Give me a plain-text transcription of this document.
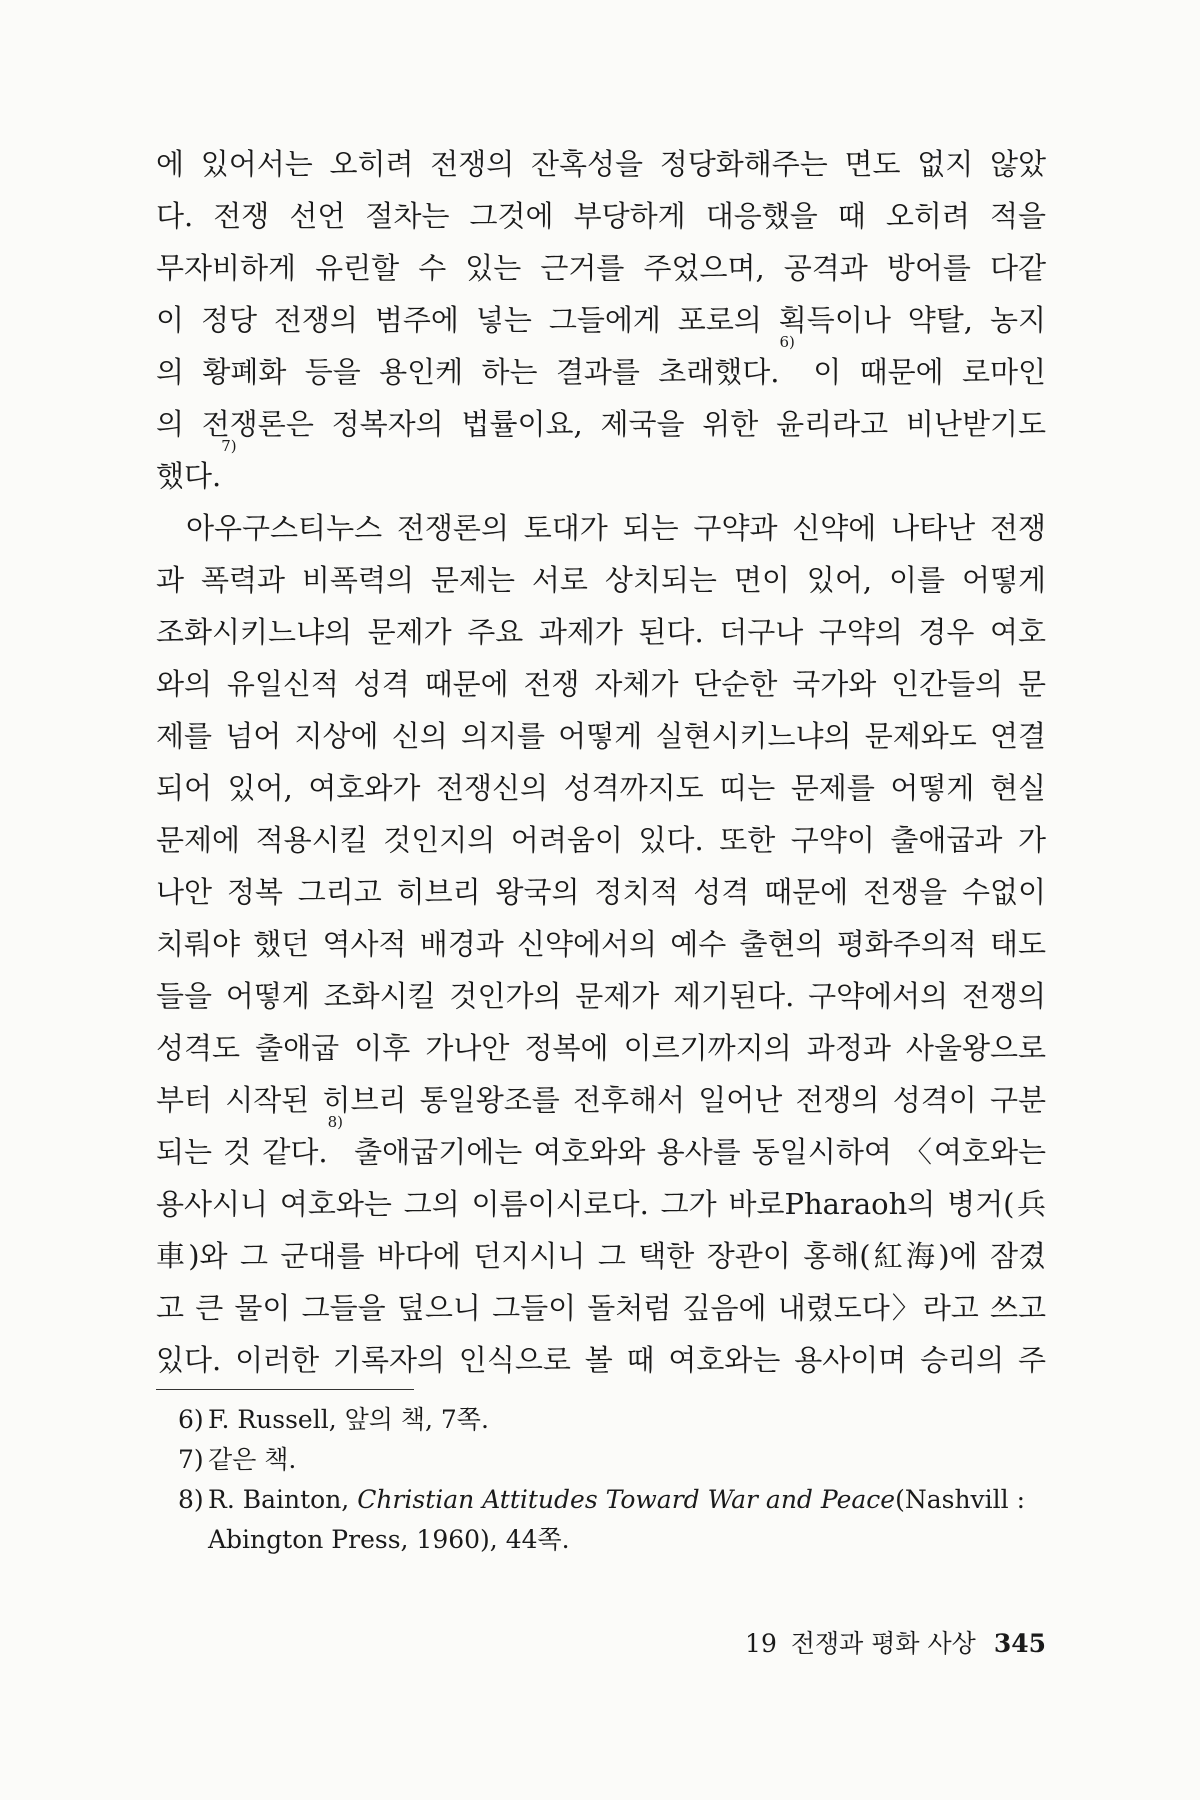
에 있어서는 오히려 전쟁의 잔혹성을 정당화해주는 면도 없지 않았
다. 전쟁 선언 절차는 그것에 부당하게 대응했을 때 오히려 적을
무자비하게 유린할 수 있는 근거를 주었으며, 공격과 방어를 다같
이 정당 전쟁의 범주에 넣는 그들에게 포로의 획득이나 약탈, 농지
의 황폐화 등을 용인케 하는 결과를 초래했다.$^{6)}$ 이 때문에 로마인
의 전쟁론은 정복자의 법률이요, 제국을 위한 윤리라고 비난받기도
했다.$^{7)}$
아우구스티누스 전쟁론의 토대가 되는 구약과 신약에 나타난 전쟁
과 폭력과 비폭력의 문제는 서로 상치되는 면이 있어, 이를 어떻게
조화시키느냐의 문제가 주요 과제가 된다. 더구나 구약의 경우 여호
와의 유일신적 성격 때문에 전쟁 자체가 단순한 국가와 인간들의 문
제를 넘어 지상에 신의 의지를 어떻게 실현시키느냐의 문제와도 연결
되어 있어, 여호와가 전쟁신의 성격까지도 띠는 문제를 어떻게 현실
문제에 적용시킬 것인지의 어려움이 있다. 또한 구약이 출애굽과 가
나안 정복 그리고 히브리 왕국의 정치적 성격 때문에 전쟁을 수없이
치뤄야 했던 역사적 배경과 신약에서의 예수 출현의 평화주의적 태도
들을 어떻게 조화시킬 것인가의 문제가 제기된다. 구약에서의 전쟁의
성격도 출애굽 이후 가나안 정복에 이르기까지의 과정과 사울왕으로
부터 시작된 히브리 통일왕조를 전후해서 일어난 전쟁의 성격이 구분
되는 것 같다.$^{8)}$ 출애굽기에는 여호와와 용사를 동일시하여 〈여호와는
용사시니 여호와는 그의 이름이시로다. 그가 바로Pharaoh의 병거(兵
車)와 그 군대를 바다에 던지시니 그 택한 장관이 홍해(紅海)에 잠겼
고 큰 물이 그들을 덮으니 그들이 돌처럼 깊음에 내렸도다〉라고 쓰고
있다. 이러한 기록자의 인식으로 볼 때 여호와는 용사이며 승리의 주
6) F. Russell, 앞의 책, 7쪽.
7) 같은 책.
8) R. Bainton, Christian Attitudes Toward War and Peace(Nashvill :
Abington Press, 1960), 44쪽.
19 전쟁과 평화 사상 345
